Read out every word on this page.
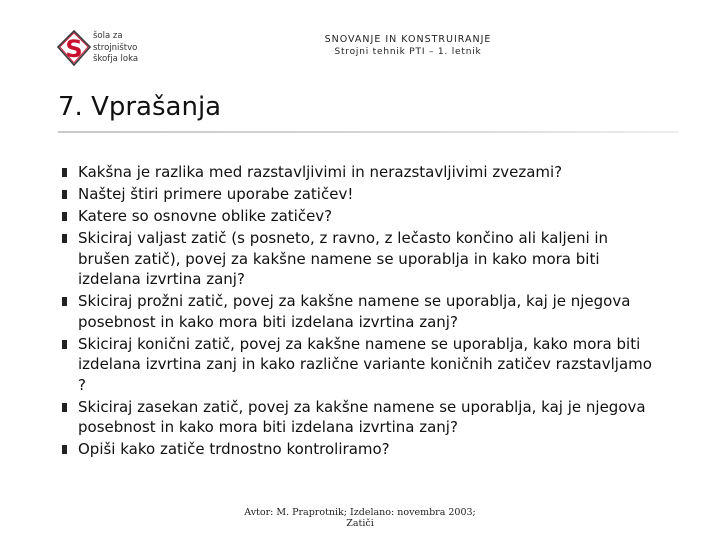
S šola za
strojništvo
škofja loka
SNOVANJE IN KONSTRUIRANJE
Strojni tehnik PTI – 1. letnik
7. Vprašanja
Kakšna je razlika med razstavljivimi in nerazstavljivimi zvezami?
Naštej štiri primere uporabe zatičev!
Katere so osnovne oblike zatičev?
Skiciraj valjast zatič (s posneto, z ravno, z lečasto končino ali kaljeni in brušen zatič), povej za kakšne namene se uporablja in kako mora biti izdelana izvrtina zanj?
Skiciraj prožni zatič, povej za kakšne namene se uporablja, kaj je njegova posebnost in kako mora biti izdelana izvrtina zanj?
Skiciraj konični zatič, povej za kakšne namene se uporablja, kako mora biti izdelana izvrtina zanj in kako različne variante koničnih zatičev razstavljamo ?
Skiciraj zasekan zatič, povej za kakšne namene se uporablja, kaj je njegova posebnost in kako mora biti izdelana izvrtina zanj?
Opiši kako zatiče trdnostno kontroliramo?
Avtor: M. Praprotnik; Izdelano: novembra 2003;
Zatiči
